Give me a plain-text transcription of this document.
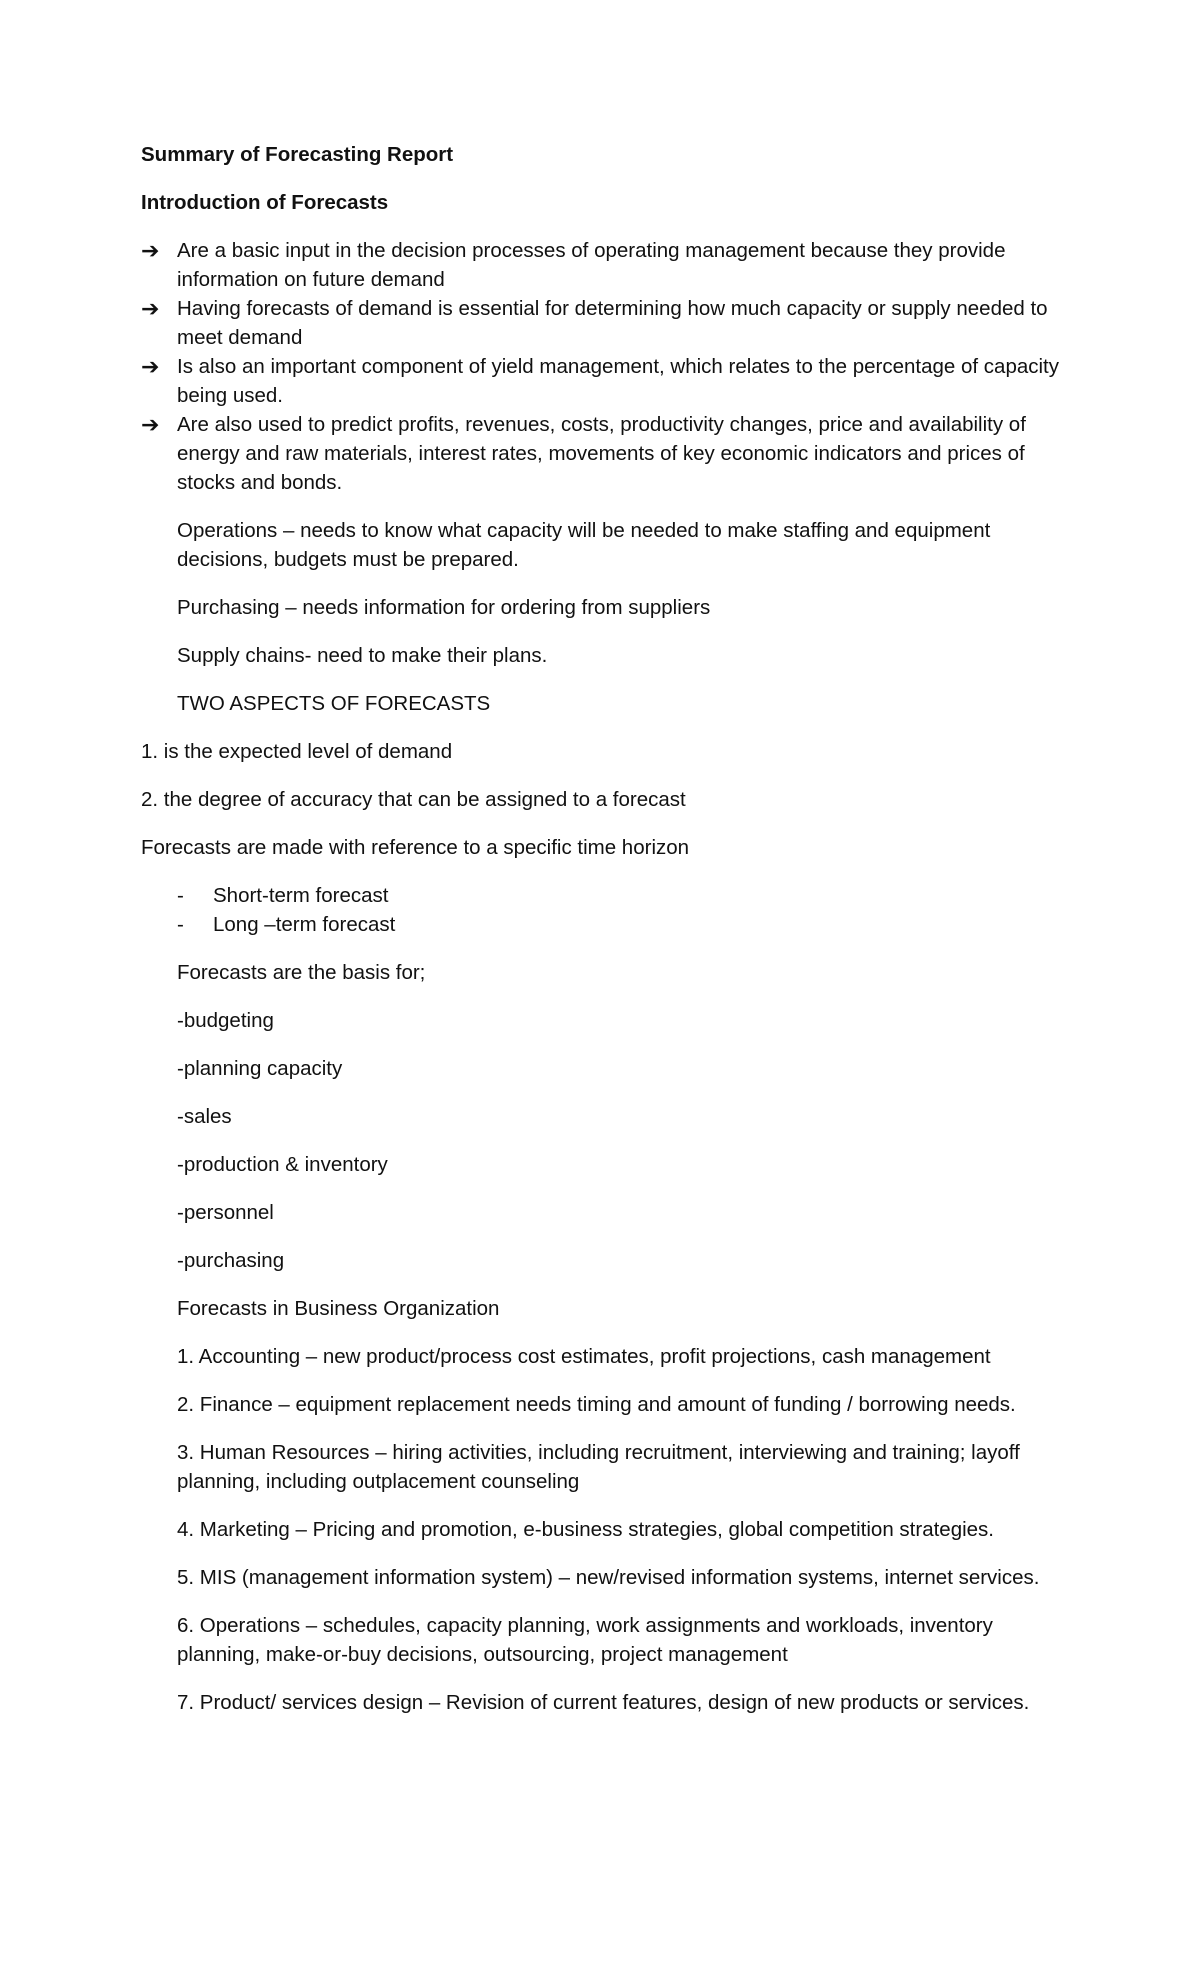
Summary of Forecasting Report
Introduction of Forecasts
➔ Are a basic input in the decision processes of operating management because they provide information on future demand
➔ Having forecasts of demand is essential for determining how much capacity or supply needed to meet demand
➔ Is also an important component of yield management, which relates to the percentage of capacity being used.
➔ Are also used to predict profits, revenues, costs, productivity changes, price and availability of energy and raw materials, interest rates, movements of key economic indicators and prices of stocks and bonds.

Operations – needs to know what capacity will be needed to make staffing and equipment decisions, budgets must be prepared.

Purchasing – needs information for ordering from suppliers

Supply chains- need to make their plans.

TWO ASPECTS OF FORECASTS

1. is the expected level of demand

2. the degree of accuracy that can be assigned to a forecast

Forecasts are made with reference to a specific time horizon

- Short-term forecast
- Long –term forecast

Forecasts are the basis for;

-budgeting

-planning capacity

-sales

-production & inventory

-personnel

-purchasing

Forecasts in Business Organization

1. Accounting – new product/process cost estimates, profit projections, cash management

2. Finance – equipment replacement needs timing and amount of funding / borrowing needs.

3. Human Resources – hiring activities, including recruitment, interviewing and training; layoff planning, including outplacement counseling

4. Marketing – Pricing and promotion, e-business strategies, global competition strategies.

5. MIS (management information system) – new/revised information systems, internet services.

6. Operations – schedules, capacity planning, work assignments and workloads, inventory planning, make-or-buy decisions, outsourcing, project management

7. Product/ services design – Revision of current features, design of new products or services.
